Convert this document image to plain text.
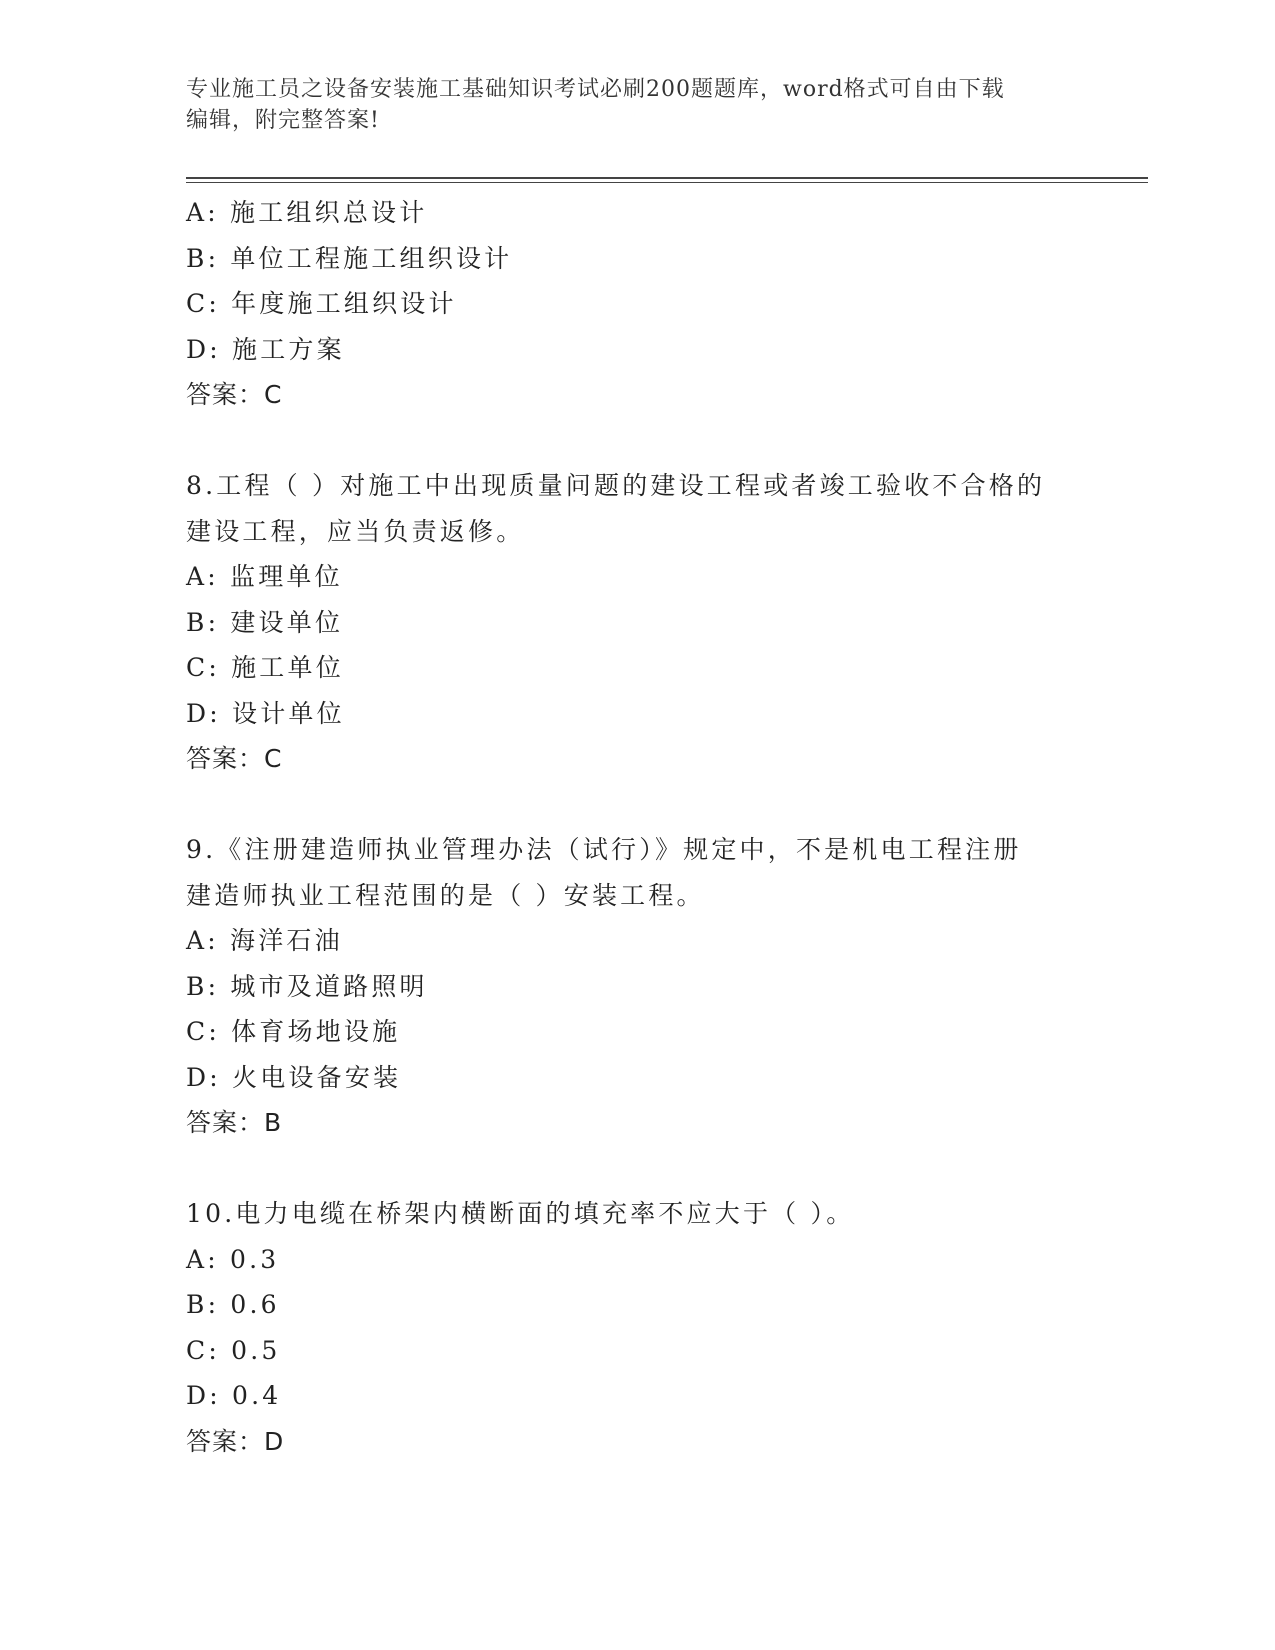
专业施工员之设备安装施工基础知识考试必刷200题题库，word格式可自由下载
编辑，附完整答案!

A: 施工组织总设计

B: 单位工程施工组织设计

C: 年度施工组织设计

D: 施工方案

答案：C

8.工程（ ）对施工中出现质量问题的建设工程或者竣工验收不合格的

建设工程，应当负责返修。

A: 监理单位

B: 建设单位

C: 施工单位

D: 设计单位

答案：C

9.《注册建造师执业管理办法（试行）》规定中，不是机电工程注册

建造师执业工程范围的是（ ）安装工程。

A: 海洋石油

B: 城市及道路照明

C: 体育场地设施

D: 火电设备安装

答案：B

10.电力电缆在桥架内横断面的填充率不应大于（ ）。

A: 0.3

B: 0.6

C: 0.5

D: 0.4

答案：D
